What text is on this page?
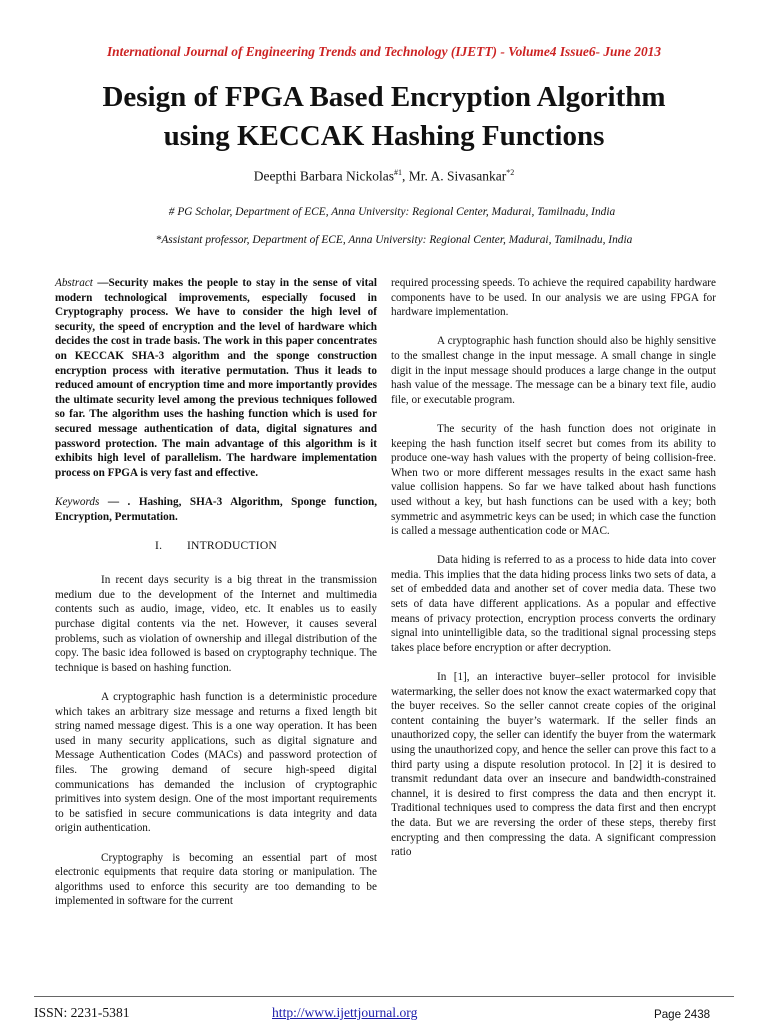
International Journal of Engineering Trends and Technology (IJETT) - Volume4 Issue6- June 2013
Design of FPGA Based Encryption Algorithm
using KECCAK Hashing Functions
Deepthi Barbara Nickolas$^{\#1}$, Mr. A. Sivasankar$^{*2}$
# PG Scholar, Department of ECE, Anna University: Regional Center, Madurai, Tamilnadu, India
*Assistant professor, Department of ECE, Anna University: Regional Center, Madurai, Tamilnadu, India

Abstract —Security makes the people to stay in the sense of vital modern technological improvements, especially focused in Cryptography process. We have to consider the high level of security, the speed of encryption and the level of hardware which decides the cost in trade basis. The work in this paper concentrates on KECCAK SHA-3 algorithm and the sponge construction encryption process with iterative permutation. Thus it leads to reduced amount of encryption time and more importantly provides the ultimate security level among the previous techniques followed so far. The algorithm uses the hashing function which is used for secured message authentication of data, digital signatures and password protection. The main advantage of this algorithm is it exhibits high level of parallelism. The hardware implementation process on FPGA is very fast and effective.

Keywords — . Hashing, SHA-3 Algorithm, Sponge function, Encryption, Permutation.

I.        INTRODUCTION

In recent days security is a big threat in the transmission medium due to the development of the Internet and multimedia contents such as audio, image, video, etc. It enables us to easily purchase digital contents via the net. However, it causes several problems, such as violation of ownership and illegal distribution of the copy. The basic idea followed is based on cryptography technique. The technique is based on hashing function.

A cryptographic hash function is a deterministic procedure which takes an arbitrary size message and returns a fixed length bit string named message digest. This is a one way operation. It has been used in many security applications, such as digital signature and Message Authentication Codes (MACs) and password protection of files. The growing demand of secure high-speed digital communications has demanded the inclusion of cryptographic primitives into system design. One of the most important requirements to be satisfied in secure communications is data integrity and data origin authentication.

Cryptography is becoming an essential part of most electronic equipments that require data storing or manipulation. The algorithms used to enforce this security are too demanding to be implemented in software for the current

required processing speeds. To achieve the required capability hardware components have to be used. In our analysis we are using FPGA for hardware implementation.

A cryptographic hash function should also be highly sensitive to the smallest change in the input message. A small change in single digit in the input message should produces a large change in the output hash value of the message. The message can be a binary text file, audio file, or executable program.

The security of the hash function does not originate in keeping the hash function itself secret but comes from its ability to produce one-way hash values with the property of being collision-free. When two or more different messages results in the exact same hash value collision happens. So far we have talked about hash functions used without a key, but hash functions can be used with a key; both symmetric and asymmetric keys can be used; in which case the function is called a message authentication code or MAC.

Data hiding is referred to as a process to hide data into cover media. This implies that the data hiding process links two sets of data, a set of embedded data and another set of cover media data. These two sets of data have different applications. As a popular and effective means of privacy protection, encryption process converts the ordinary signal into unintelligible data, so the traditional signal processing steps takes place before encryption or after decryption.

In [1], an interactive buyer–seller protocol for invisible watermarking, the seller does not know the exact watermarked copy that the buyer receives. So the seller cannot create copies of the original content containing the buyer’s watermark. If the seller finds an unauthorized copy, the seller can identify the buyer from the watermark using the unauthorized copy, and hence the seller can prove this fact to a third party using a dispute resolution protocol. In [2] it is desired to transmit redundant data over an insecure and bandwidth-constrained channel, it is desired to first compress the data and then encrypt it. Traditional techniques used to compress the data first and then encrypt the data. But we are reversing the order of these steps, thereby first encrypting and then compressing the data. A significant compression ratio

ISSN: 2231-5381	http://www.ijettjournal.org	Page 2438
